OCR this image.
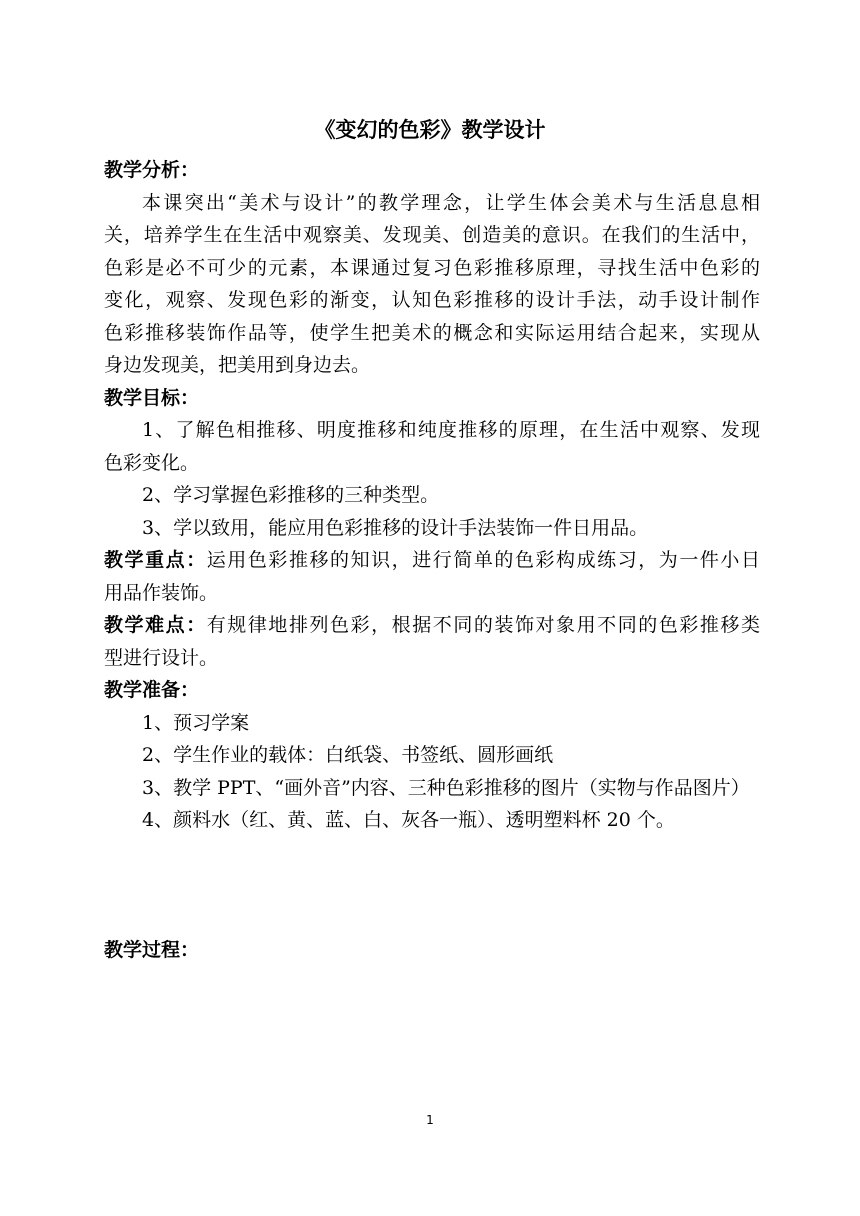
《变幻的色彩》教学设计
教学分析：
本课突出“美术与设计”的教学理念，让学生体会美术与生活息息相
关，培养学生在生活中观察美、发现美、创造美的意识。在我们的生活中，
色彩是必不可少的元素，本课通过复习色彩推移原理，寻找生活中色彩的
变化，观察、发现色彩的渐变，认知色彩推移的设计手法，动手设计制作
色彩推移装饰作品等，使学生把美术的概念和实际运用结合起来，实现从
身边发现美，把美用到身边去。
教学目标：
1、了解色相推移、明度推移和纯度推移的原理，在生活中观察、发现
色彩变化。
2、学习掌握色彩推移的三种类型。
3、学以致用，能应用色彩推移的设计手法装饰一件日用品。
教学重点：运用色彩推移的知识，进行简单的色彩构成练习，为一件小日
用品作装饰。
教学难点：有规律地排列色彩，根据不同的装饰对象用不同的色彩推移类
型进行设计。
教学准备：
1、预习学案
2、学生作业的载体：白纸袋、书签纸、圆形画纸
3、教学 PPT、“画外音”内容、三种色彩推移的图片（实物与作品图片）
4、颜料水（红、黄、蓝、白、灰各一瓶）、透明塑料杯 20 个。
教学过程：
1
